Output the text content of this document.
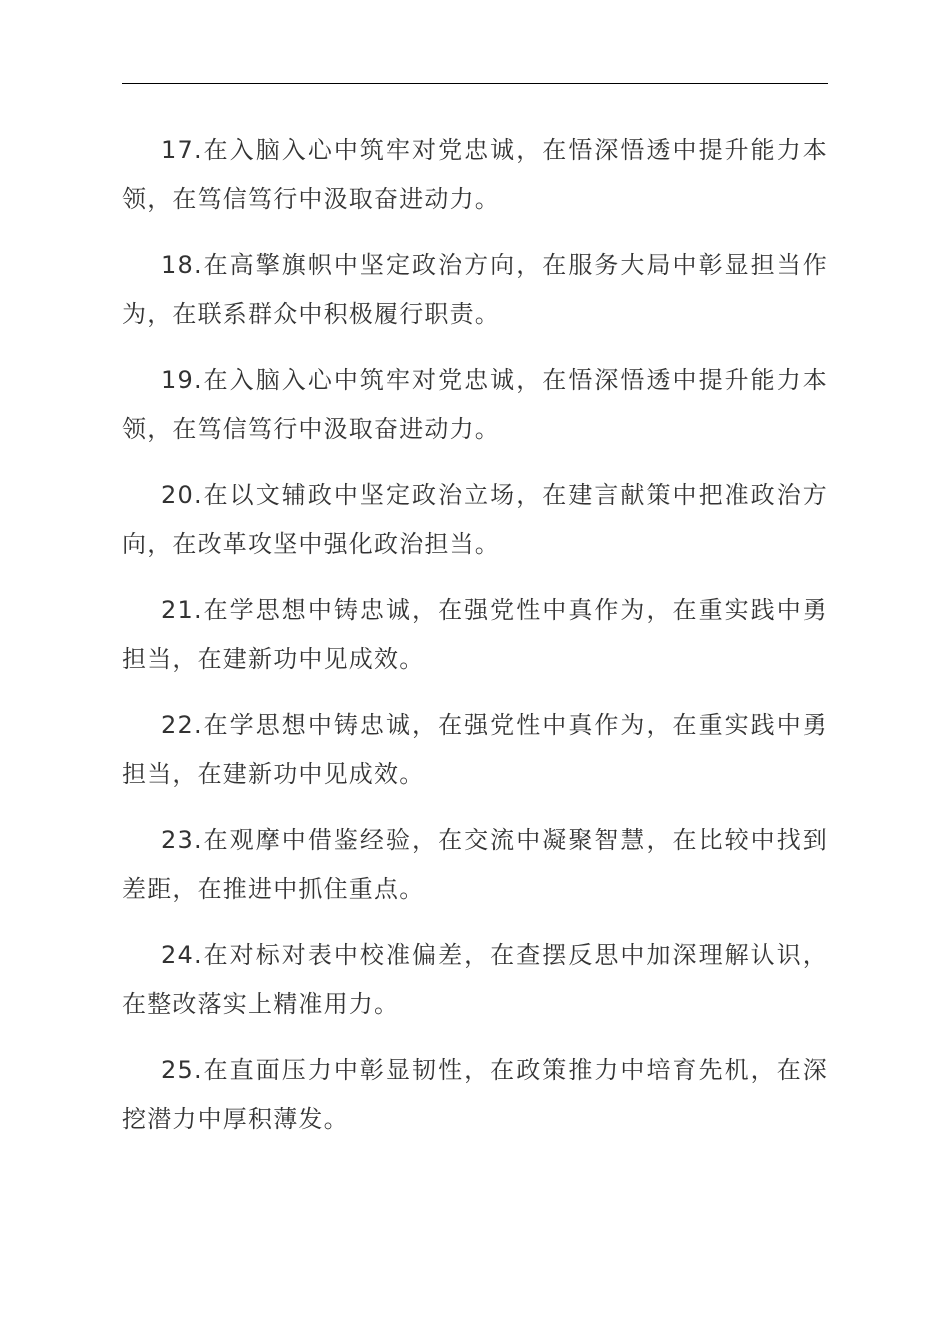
17.在入脑入心中筑牢对党忠诚，在悟深悟透中提升能力本领，在笃信笃行中汲取奋进动力。

18.在高擎旗帜中坚定政治方向，在服务大局中彰显担当作为，在联系群众中积极履行职责。

19.在入脑入心中筑牢对党忠诚，在悟深悟透中提升能力本领，在笃信笃行中汲取奋进动力。

20.在以文辅政中坚定政治立场，在建言献策中把准政治方向，在改革攻坚中强化政治担当。

21.在学思想中铸忠诚，在强党性中真作为，在重实践中勇担当，在建新功中见成效。

22.在学思想中铸忠诚，在强党性中真作为，在重实践中勇担当，在建新功中见成效。

23.在观摩中借鉴经验，在交流中凝聚智慧，在比较中找到差距，在推进中抓住重点。

24.在对标对表中校准偏差，在查摆反思中加深理解认识，在整改落实上精准用力。

25.在直面压力中彰显韧性，在政策推力中培育先机，在深挖潜力中厚积薄发。
